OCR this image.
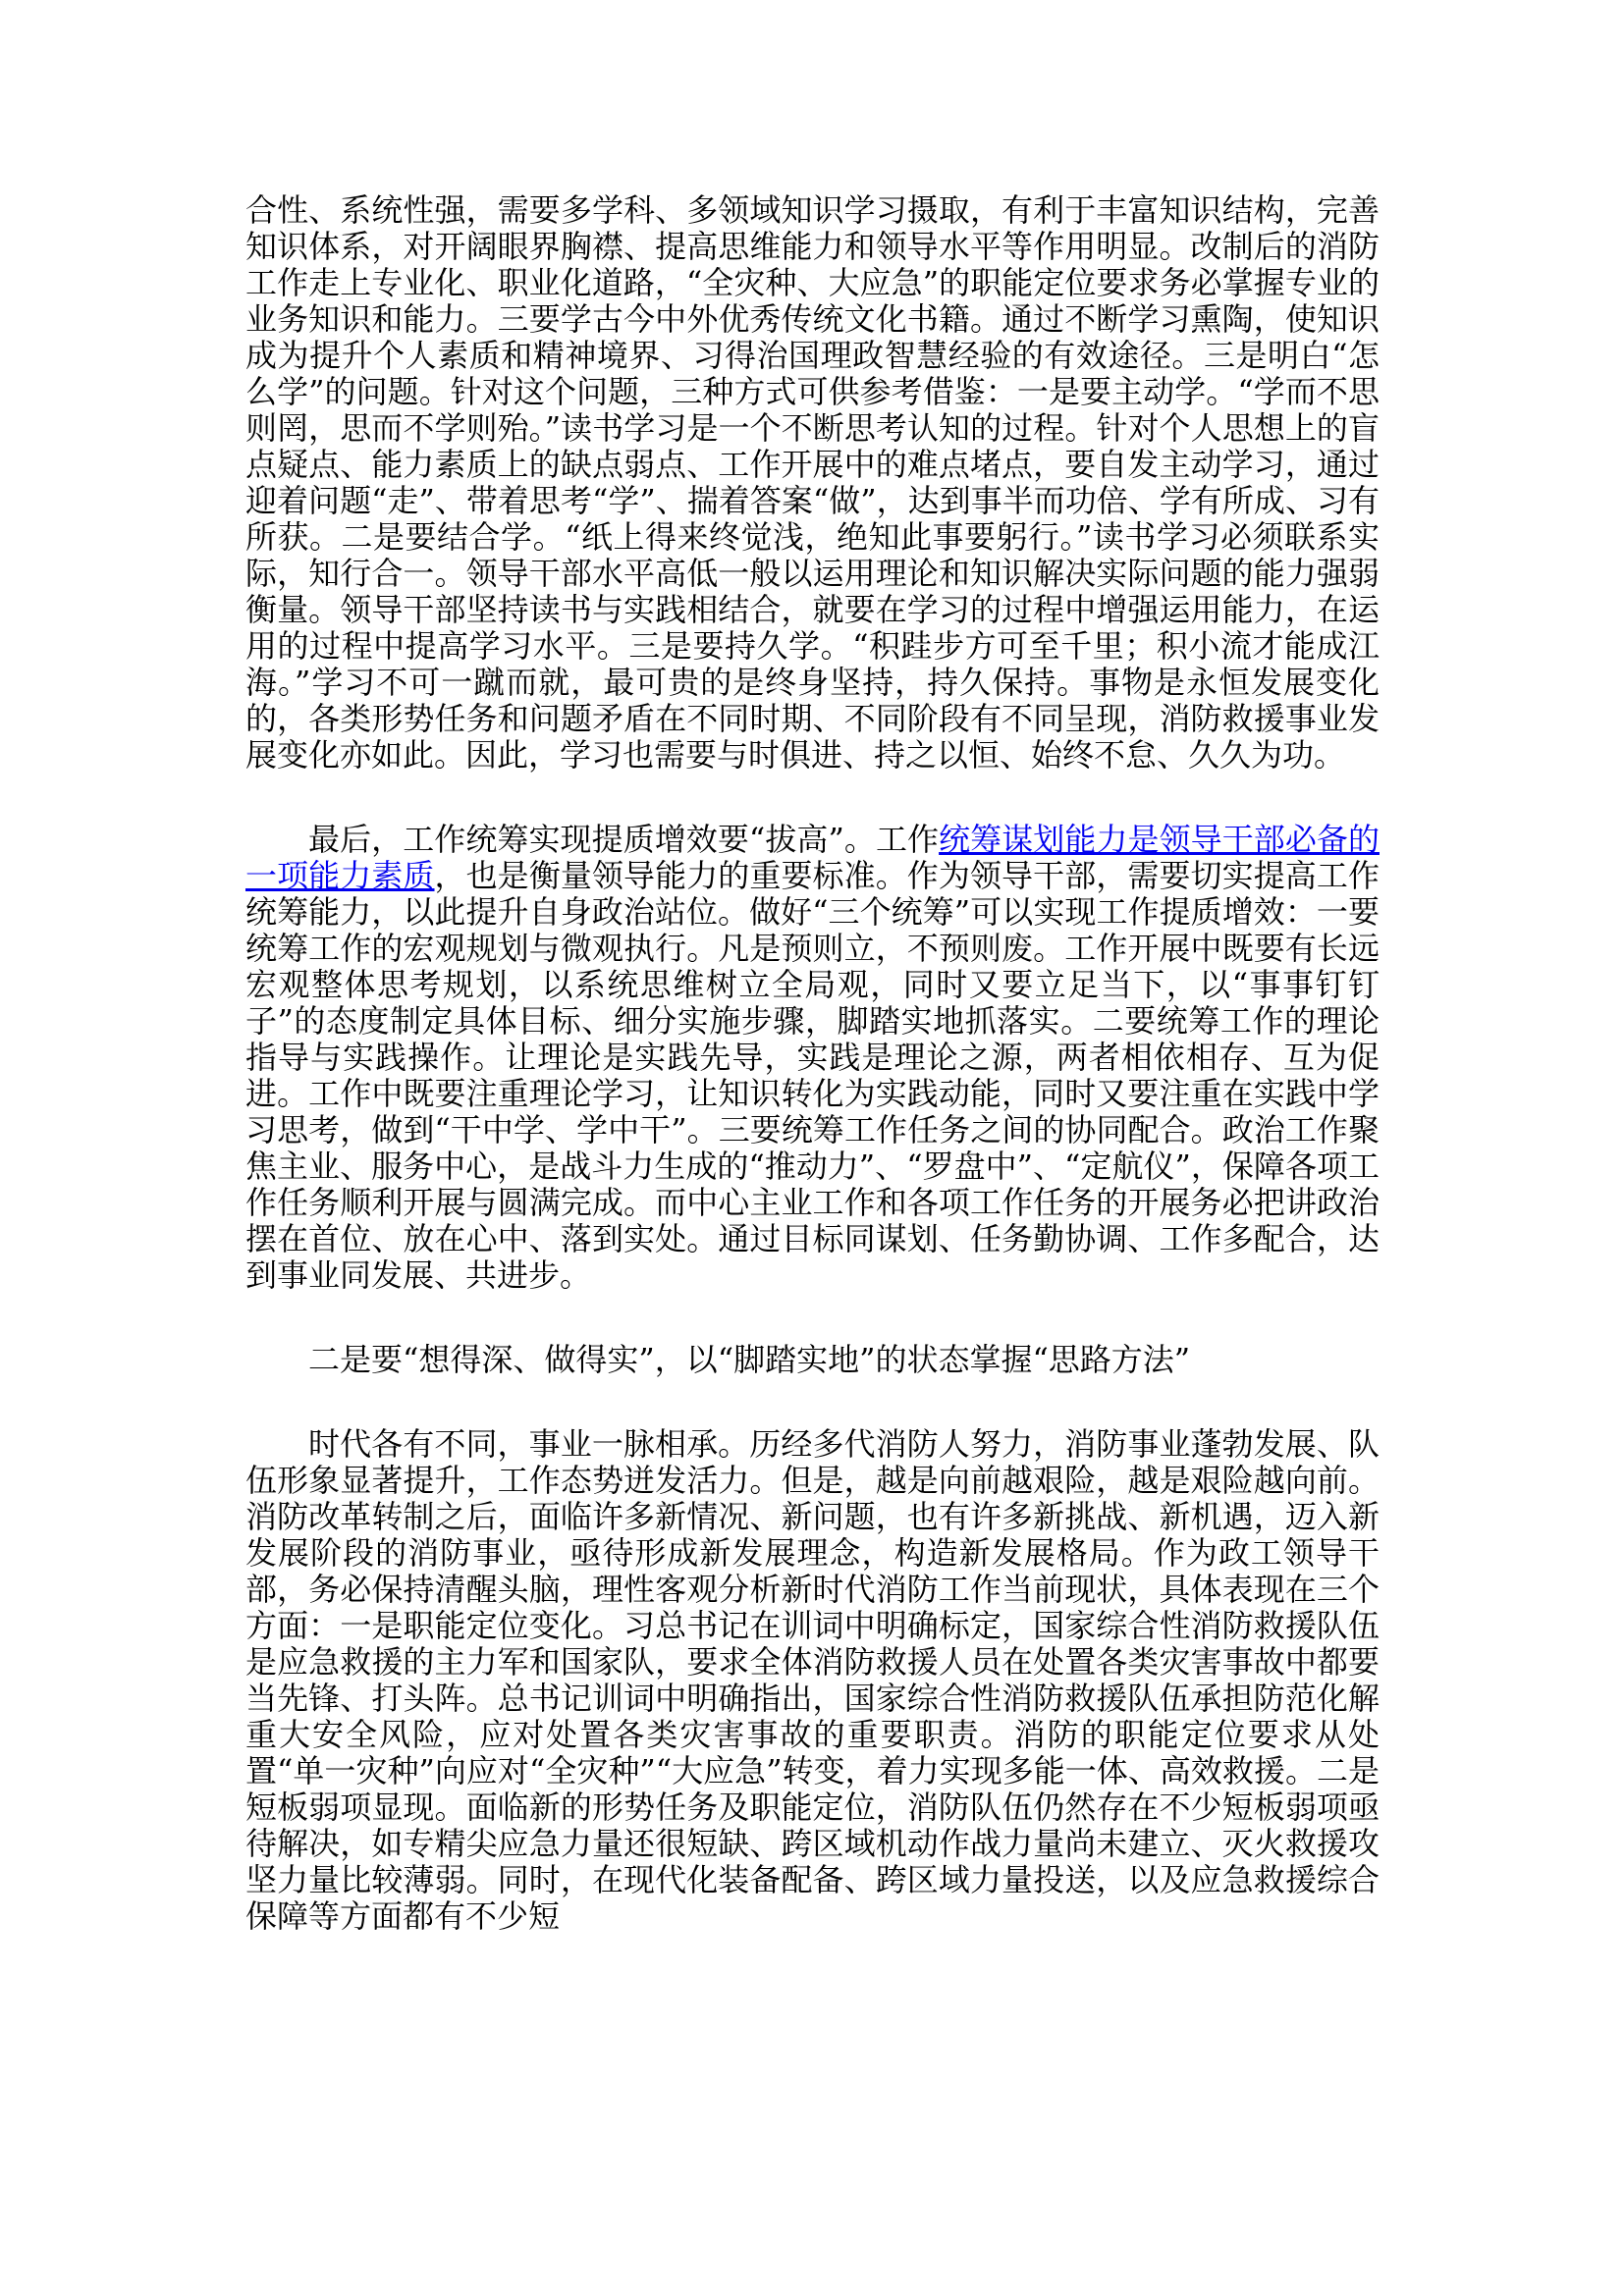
合性、系统性强，需要多学科、多领域知识学习摄取，有利于丰富知识结构，完善知识体系，对开阔眼界胸襟、提高思维能力和领导水平等作用明显。改制后的消防工作走上专业化、职业化道路，“全灾种、大应急”的职能定位要求务必掌握专业的业务知识和能力。三要学古今中外优秀传统文化书籍。通过不断学习熏陶，使知识成为提升个人素质和精神境界、习得治国理政智慧经验的有效途径。三是明白“怎么学”的问题。针对这个问题，三种方式可供参考借鉴：一是要主动学。“学而不思则罔，思而不学则殆。”读书学习是一个不断思考认知的过程。针对个人思想上的盲点疑点、能力素质上的缺点弱点、工作开展中的难点堵点，要自发主动学习，通过迎着问题“走”、带着思考“学”、揣着答案“做”，达到事半而功倍、学有所成、习有所获。二是要结合学。“纸上得来终觉浅，绝知此事要躬行。”读书学习必须联系实际，知行合一。领导干部水平高低一般以运用理论和知识解决实际问题的能力强弱衡量。领导干部坚持读书与实践相结合，就要在学习的过程中增强运用能力，在运用的过程中提高学习水平。三是要持久学。“积跬步方可至千里；积小流才能成江海。”学习不可一蹴而就，最可贵的是终身坚持，持久保持。事物是永恒发展变化的，各类形势任务和问题矛盾在不同时期、不同阶段有不同呈现，消防救援事业发展变化亦如此。因此，学习也需要与时俱进、持之以恒、始终不怠、久久为功。

最后，工作统筹实现提质增效要“拔高”。工作统筹谋划能力是领导干部必备的一项能力素质，也是衡量领导能力的重要标准。作为领导干部，需要切实提高工作统筹能力，以此提升自身政治站位。做好“三个统筹”可以实现工作提质增效：一要统筹工作的宏观规划与微观执行。凡是预则立，不预则废。工作开展中既要有长远宏观整体思考规划，以系统思维树立全局观，同时又要立足当下，以“事事钉钉子”的态度制定具体目标、细分实施步骤，脚踏实地抓落实。二要统筹工作的理论指导与实践操作。让理论是实践先导，实践是理论之源，两者相依相存、互为促进。工作中既要注重理论学习，让知识转化为实践动能，同时又要注重在实践中学习思考，做到“干中学、学中干”。三要统筹工作任务之间的协同配合。政治工作聚焦主业、服务中心，是战斗力生成的“推动力”、“罗盘中”、“定航仪”，保障各项工作任务顺利开展与圆满完成。而中心主业工作和各项工作任务的开展务必把讲政治摆在首位、放在心中、落到实处。通过目标同谋划、任务勤协调、工作多配合，达到事业同发展、共进步。

二是要“想得深、做得实”，以“脚踏实地”的状态掌握“思路方法”

时代各有不同，事业一脉相承。历经多代消防人努力，消防事业蓬勃发展、队伍形象显著提升，工作态势迸发活力。但是，越是向前越艰险，越是艰险越向前。消防改革转制之后，面临许多新情况、新问题，也有许多新挑战、新机遇，迈入新发展阶段的消防事业，亟待形成新发展理念，构造新发展格局。作为政工领导干部，务必保持清醒头脑，理性客观分析新时代消防工作当前现状，具体表现在三个方面：一是职能定位变化。习总书记在训词中明确标定，国家综合性消防救援队伍是应急救援的主力军和国家队，要求全体消防救援人员在处置各类灾害事故中都要当先锋、打头阵。总书记训词中明确指出，国家综合性消防救援队伍承担防范化解重大安全风险，应对处置各类灾害事故的重要职责。消防的职能定位要求从处置“单一灾种”向应对“全灾种”“大应急”转变，着力实现多能一体、高效救援。二是短板弱项显现。面临新的形势任务及职能定位，消防队伍仍然存在不少短板弱项亟待解决，如专精尖应急力量还很短缺、跨区域机动作战力量尚未建立、灭火救援攻坚力量比较薄弱。同时，在现代化装备配备、跨区域力量投送，以及应急救援综合保障等方面都有不少短
